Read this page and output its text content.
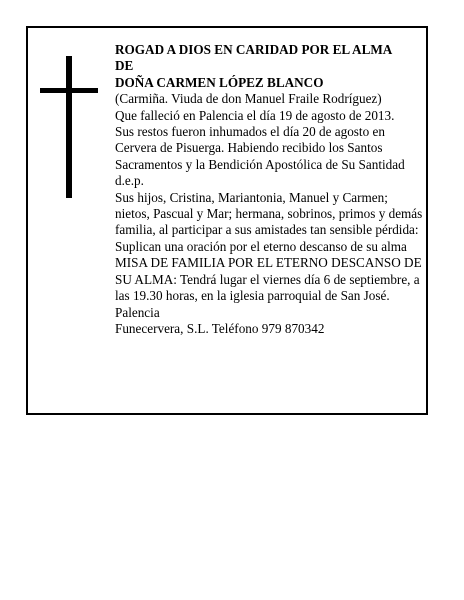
ROGAD A DIOS EN CARIDAD POR EL ALMA
DE
DOÑA CARMEN LÓPEZ BLANCO
(Carmiña. Viuda de don Manuel Fraile Rodríguez)
Que falleció en Palencia el día 19 de agosto de 2013.
Sus restos fueron inhumados el día 20 de agosto en Cervera de Pisuerga. Habiendo recibido los Santos Sacramentos y la Bendición Apostólica de Su Santidad d.e.p.
Sus hijos, Cristina, Mariantonia, Manuel y Carmen; nietos, Pascual y Mar; hermana, sobrinos, primos y demás familia, al participar a sus amistades tan sensible pérdida:
Suplican una oración por el eterno descanso de su alma
MISA DE FAMILIA POR EL ETERNO DESCANSO DE SU ALMA: Tendrá lugar el viernes día 6 de septiembre, a las 19.30 horas, en la iglesia parroquial de San José. Palencia
Funecervera, S.L. Teléfono 979 870342
